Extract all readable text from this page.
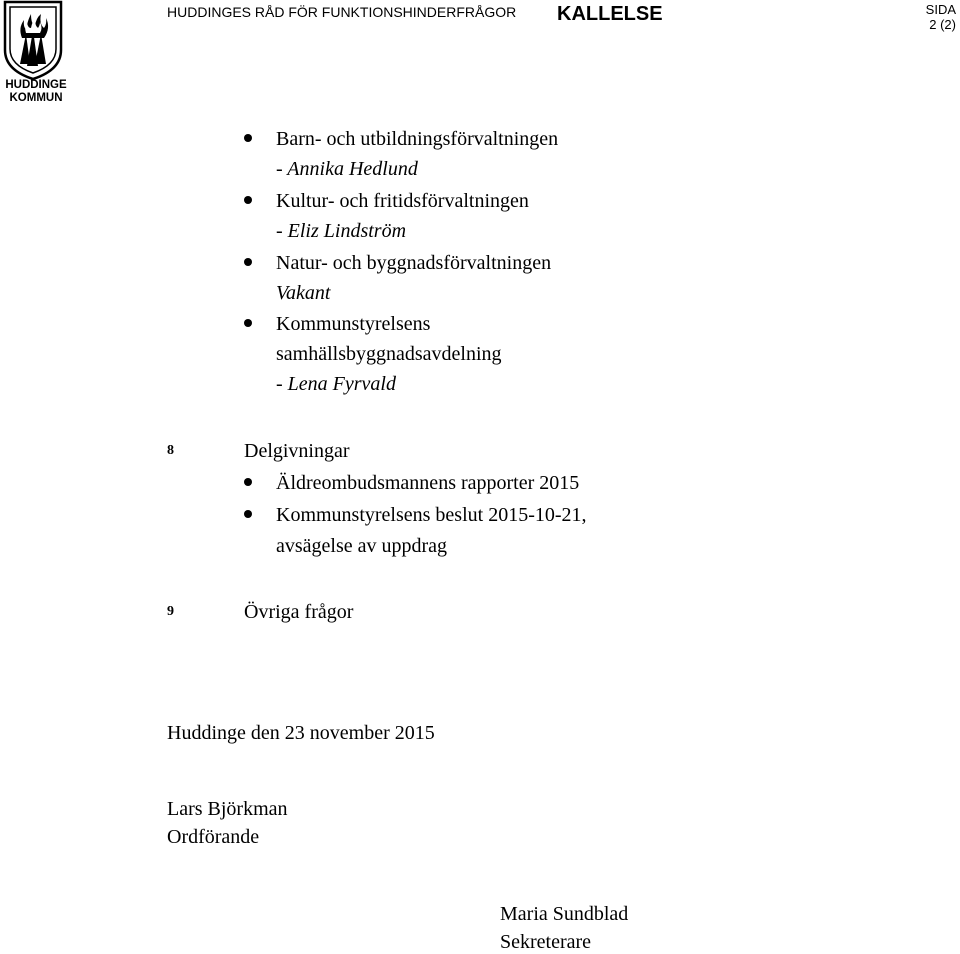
HUDDINGE
KOMMUN
HUDDINGES RÅD FÖR FUNKTIONSHINDERFRÅGOR KALLELSE	SIDA
2 (2)
Barn- och utbildningsförvaltningen
- Annika Hedlund
Kultur- och fritidsförvaltningen
- Eliz Lindström
Natur- och byggnadsförvaltningen
Vakant
Kommunstyrelsens
samhällsbyggnadsavdelning
- Lena Fyrvald
8	Delgivningar
Äldreombudsmannens rapporter 2015
Kommunstyrelsens beslut 2015-10-21,
avsägelse av uppdrag
9	Övriga frågor
Huddinge den 23 november 2015
Lars Björkman
Ordförande
Maria Sundblad
Sekreterare
